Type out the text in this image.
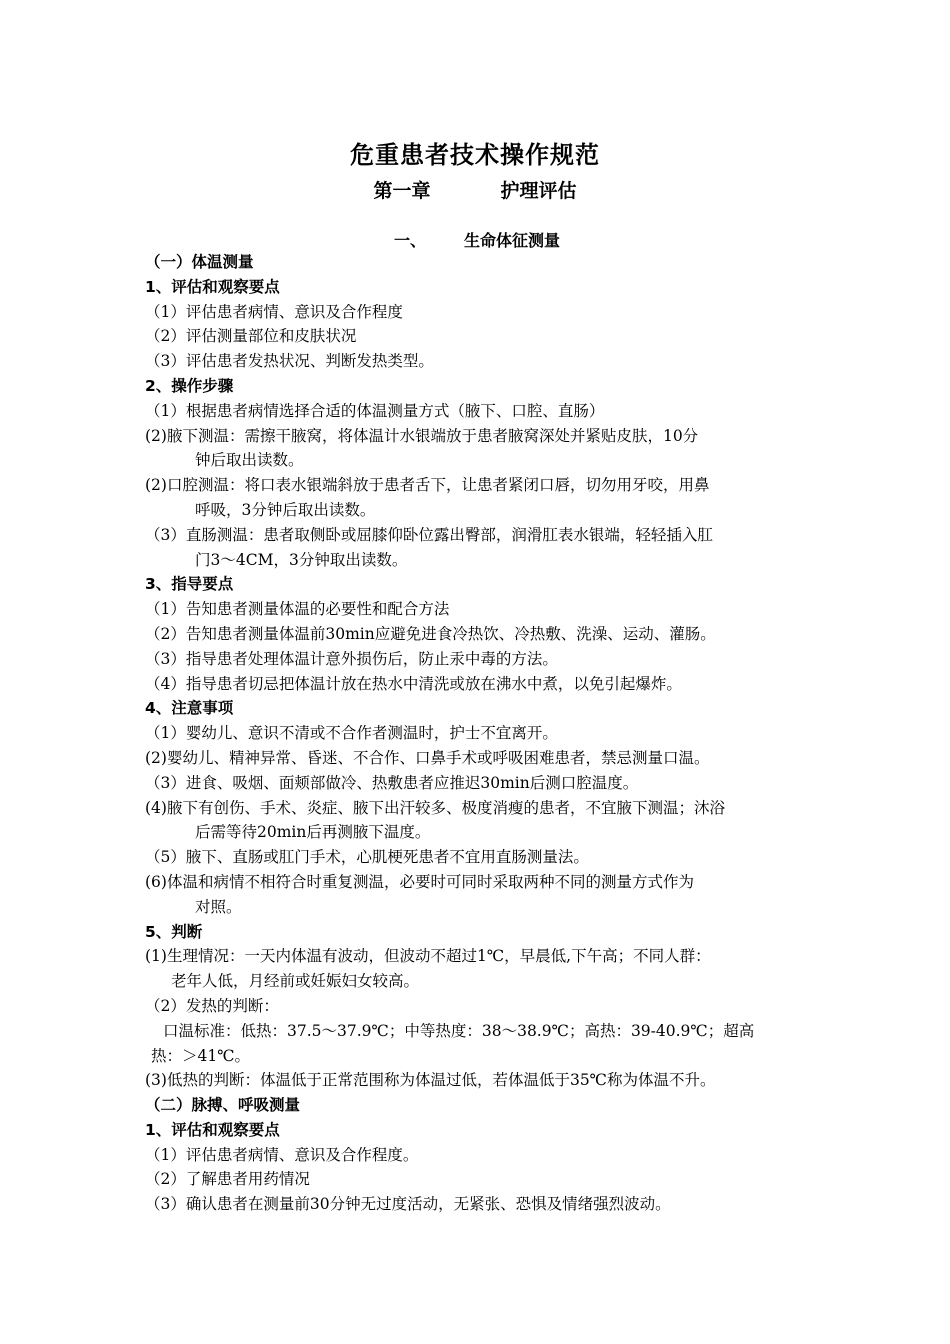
危重患者技术操作规范
第一章	护理评估
一、 生命体征测量
（一）体温测量
1、评估和观察要点
（1）评估患者病情、意识及合作程度
（2）评估测量部位和皮肤状况
（3）评估患者发热状况、判断发热类型。
2、操作步骤
（1）根据患者病情选择合适的体温测量方式（腋下、口腔、直肠）
(2)腋下测温：需擦干腋窝，将体温计水银端放于患者腋窝深处并紧贴皮肤，10分
钟后取出读数。
(2)口腔测温：将口表水银端斜放于患者舌下，让患者紧闭口唇，切勿用牙咬，用鼻
呼吸，3分钟后取出读数。
（3）直肠测温：患者取侧卧或屈膝仰卧位露出臀部，润滑肛表水银端，轻轻插入肛
门3～4CM，3分钟取出读数。
3、指导要点
（1）告知患者测量体温的必要性和配合方法
（2）告知患者测量体温前30min应避免进食冷热饮、冷热敷、洗澡、运动、灌肠。
（3）指导患者处理体温计意外损伤后，防止汞中毒的方法。
（4）指导患者切忌把体温计放在热水中清洗或放在沸水中煮，以免引起爆炸。
4、注意事项
（1）婴幼儿、意识不清或不合作者测温时，护士不宜离开。
(2)婴幼儿、精神异常、昏迷、不合作、口鼻手术或呼吸困难患者，禁忌测量口温。
（3）进食、吸烟、面颊部做冷、热敷患者应推迟30min后测口腔温度。
(4)腋下有创伤、手术、炎症、腋下出汗较多、极度消瘦的患者，不宜腋下测温；沐浴
后需等待20min后再测腋下温度。
（5）腋下、直肠或肛门手术，心肌梗死患者不宜用直肠测量法。
(6)体温和病情不相符合时重复测温，必要时可同时采取两种不同的测量方式作为
对照。
5、判断
(1)生理情况：一天内体温有波动，但波动不超过1℃，早晨低,下午高；不同人群：
老年人低，月经前或妊娠妇女较高。
（2）发热的判断：
口温标准：低热：37.5～37.9℃；中等热度：38～38.9℃；高热：39-40.9℃；超高
热：＞41℃。
(3)低热的判断：体温低于正常范围称为体温过低，若体温低于35℃称为体温不升。
（二）脉搏、呼吸测量
1、评估和观察要点
（1）评估患者病情、意识及合作程度。
（2）了解患者用药情况
（3）确认患者在测量前30分钟无过度活动，无紧张、恐惧及情绪强烈波动。
